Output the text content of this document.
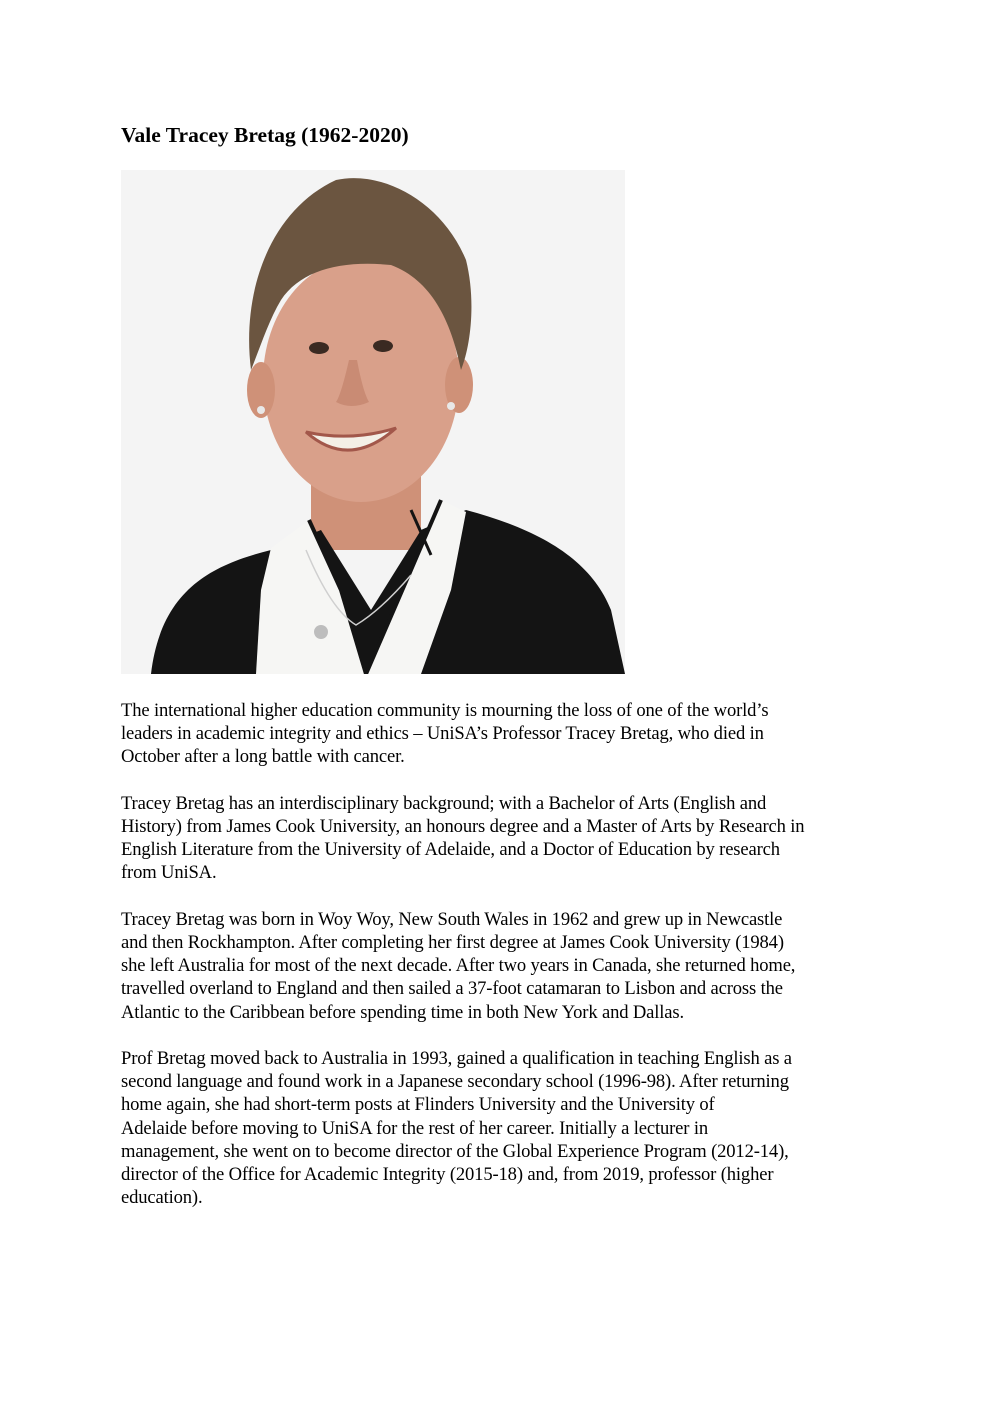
Vale Tracey Bretag (1962-2020)

The international higher education community is mourning the loss of one of the world’s
leaders in academic integrity and ethics – UniSA’s Professor Tracey Bretag, who died in
October after a long battle with cancer.

Tracey Bretag has an interdisciplinary background; with a Bachelor of Arts (English and
History) from James Cook University, an honours degree and a Master of Arts by Research in
English Literature from the University of Adelaide, and a Doctor of Education by research
from UniSA.

Tracey Bretag was born in Woy Woy, New South Wales in 1962 and grew up in Newcastle
and then Rockhampton. After completing her first degree at James Cook University (1984)
she left Australia for most of the next decade. After two years in Canada, she returned home,
travelled overland to England and then sailed a 37-foot catamaran to Lisbon and across the
Atlantic to the Caribbean before spending time in both New York and Dallas.

Prof Bretag moved back to Australia in 1993, gained a qualification in teaching English as a
second language and found work in a Japanese secondary school (1996-98). After returning
home again, she had short-term posts at Flinders University and the University of
Adelaide before moving to UniSA for the rest of her career. Initially a lecturer in
management, she went on to become director of the Global Experience Program (2012-14),
director of the Office for Academic Integrity (2015-18) and, from 2019, professor (higher
education).
